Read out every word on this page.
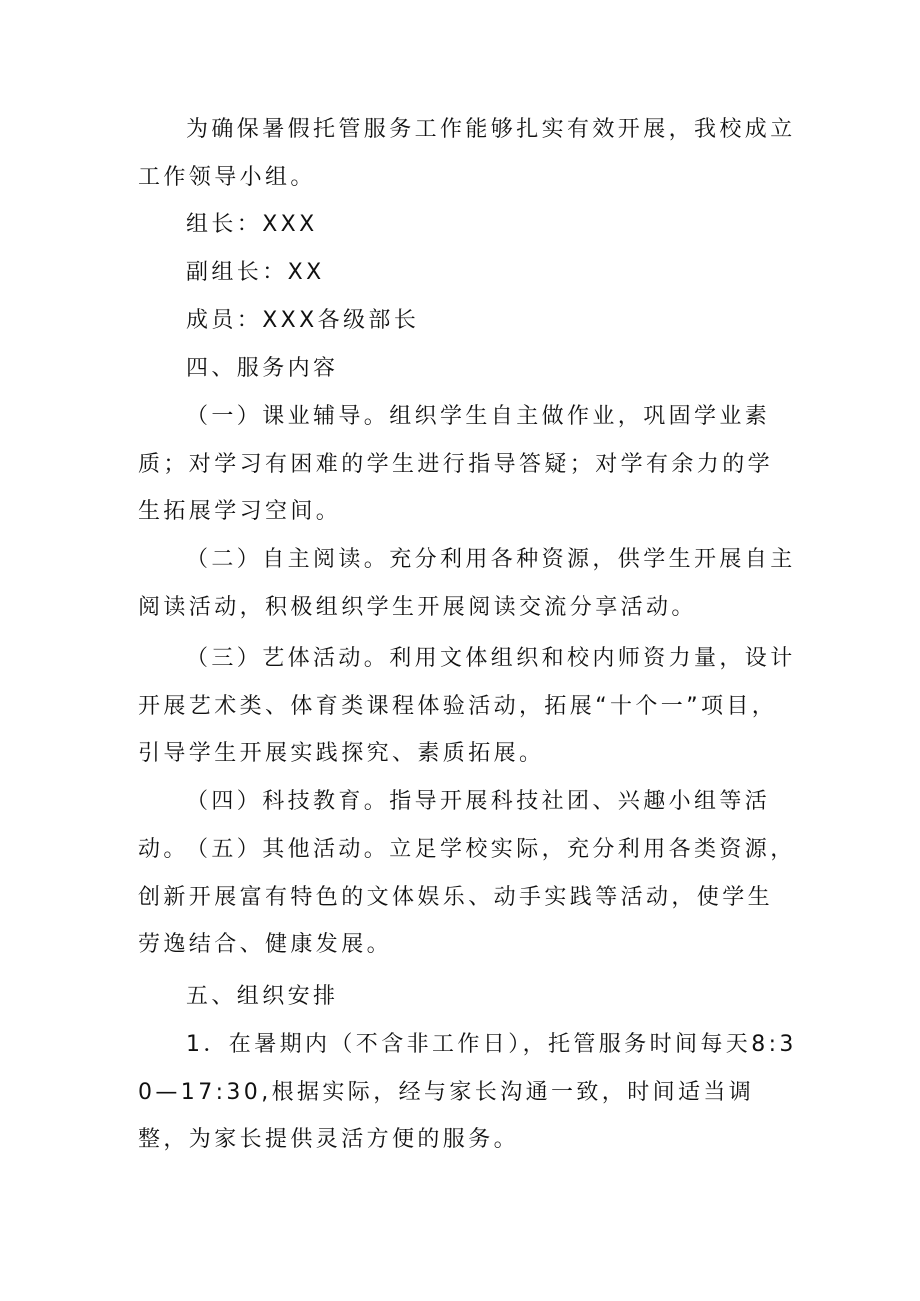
为确保暑假托管服务工作能够扎实有效开展，我校成立工作领导小组。

组长：XXX

副组长：XX

成员：XXX各级部长

四、服务内容

（一）课业辅导。组织学生自主做作业，巩固学业素质；对学习有困难的学生进行指导答疑；对学有余力的学生拓展学习空间。

（二）自主阅读。充分利用各种资源，供学生开展自主阅读活动，积极组织学生开展阅读交流分享活动。

（三）艺体活动。利用文体组织和校内师资力量，设计开展艺术类、体育类课程体验活动，拓展“十个一”项目，引导学生开展实践探究、素质拓展。

（四）科技教育。指导开展科技社团、兴趣小组等活动。

（五）其他活动。立足学校实际，充分利用各类资源，创新开展富有特色的文体娱乐、动手实践等活动，使学生劳逸结合、健康发展。

五、组织安排

1．在暑期内（不含非工作日），托管服务时间每天8:30—17:30,根据实际，经与家长沟通一致，时间适当调整，为家长提供灵活方便的服务。
